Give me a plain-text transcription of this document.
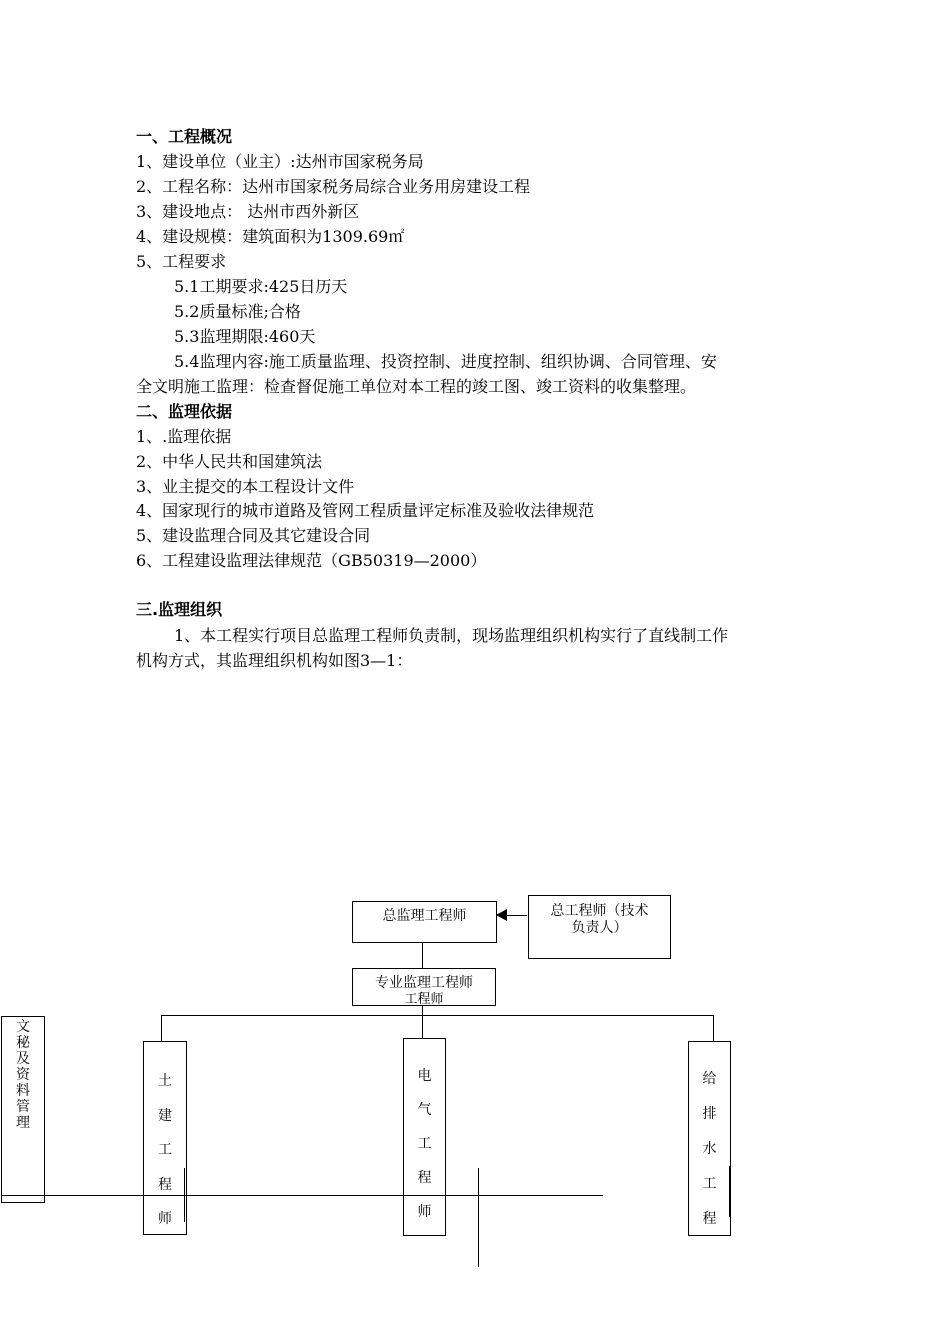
一、工程概况
1、建设单位（业主）:达州市国家税务局
2、工程名称：达州市国家税务局综合业务用房建设工程
3、建设地点： 达州市西外新区
4、建设规模：建筑面积为1309.69㎡
5、工程要求
5.1工期要求:425日历天
5.2质量标准;合格
5.3监理期限:460天
5.4监理内容:施工质量监理、投资控制、进度控制、组织协调、合同管理、安
全文明施工监理：检查督促施工单位对本工程的竣工图、竣工资料的收集整理。
二、监理依据
1、.监理依据
2、中华人民共和国建筑法
3、业主提交的本工程设计文件
4、国家现行的城市道路及管网工程质量评定标准及验收法律规范
5、建设监理合同及其它建设合同
6、工程建设监理法律规范（GB50319—2000）
三.监理组织
1、本工程实行项目总监理工程师负责制，现场监理组织机构实行了直线制工作
机构方式，其监理组织机构如图3—1：
总监理工程师	总工程师（技术
负责人）
专业监理工程师
工程师
文
秘
及
资
料
管
理
土
建
工
程
师
电
气
工
程
师
给
排
水
工
程
